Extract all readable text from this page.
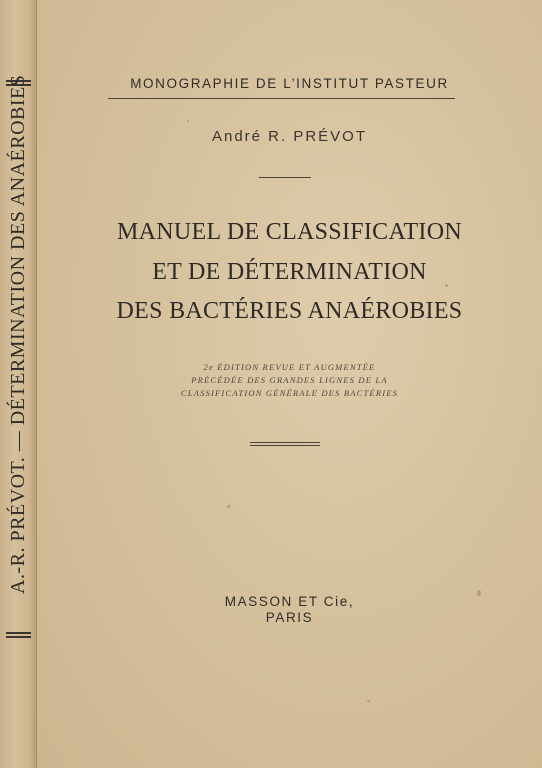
A.-R. PRÉVOT. — DÉTERMINATION DES ANAÉROBIES	MONOGRAPHIE DE L’INSTITUT PASTEUR
André R. PRÉVOT
MANUEL DE CLASSIFICATION
ET DE DÉTERMINATION
DES BACTÉRIES ANAÉROBIES
2e ÉDITION REVUE ET AUGMENTÉE
PRÉCÉDÉE DES GRANDES LIGNES DE LA
CLASSIFICATION GÉNÉRALE DES BACTÉRIES
MASSON ET Cie,
PARIS
